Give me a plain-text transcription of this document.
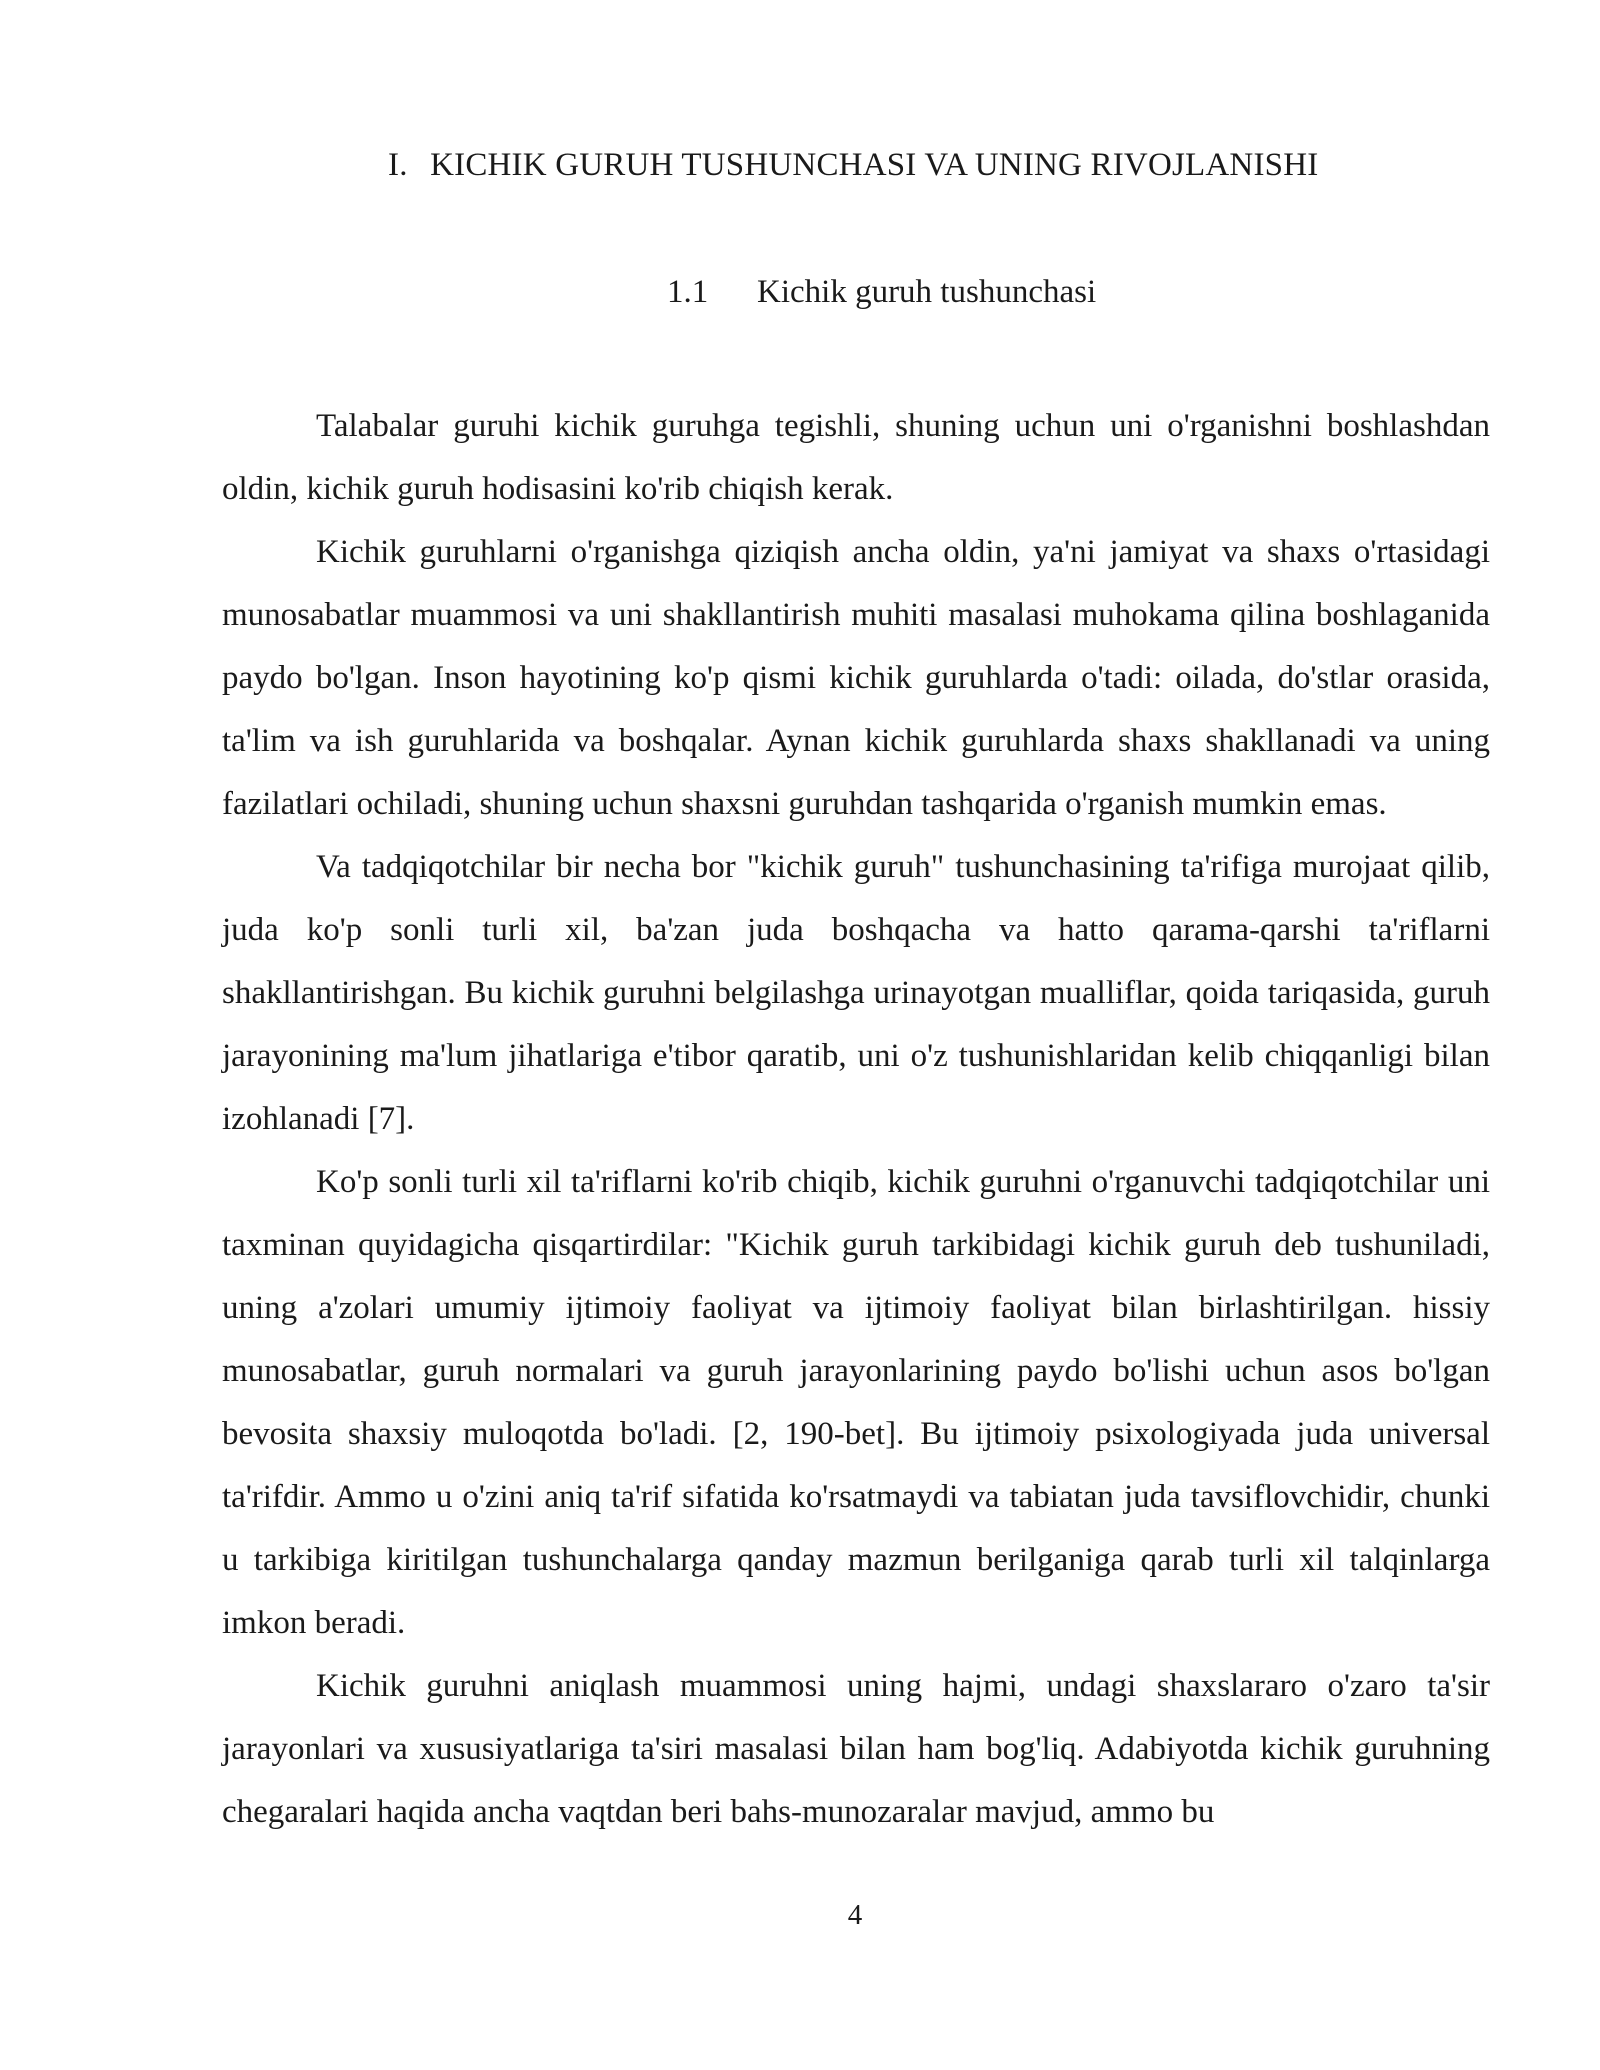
I. KICHIK GURUH TUSHUNCHASI VA UNING RIVOJLANISHI
1.1 Kichik guruh tushunchasi

Talabalar guruhi kichik guruhga tegishli, shuning uchun uni o'rganishni boshlashdan oldin, kichik guruh hodisasini ko'rib chiqish kerak.

Kichik guruhlarni o'rganishga qiziqish ancha oldin, ya'ni jamiyat va shaxs o'rtasidagi munosabatlar muammosi va uni shakllantirish muhiti masalasi muhokama qilina boshlaganida paydo bo'lgan. Inson hayotining ko'p qismi kichik guruhlarda o'tadi: oilada, do'stlar orasida, ta'lim va ish guruhlarida va boshqalar. Aynan kichik guruhlarda shaxs shakllanadi va uning fazilatlari ochiladi, shuning uchun shaxsni guruhdan tashqarida o'rganish mumkin emas.

Va tadqiqotchilar bir necha bor "kichik guruh" tushunchasining ta'rifiga murojaat qilib, juda ko'p sonli turli xil, ba'zan juda boshqacha va hatto qarama-qarshi ta'riflarni shakllantirishgan. Bu kichik guruhni belgilashga urinayotgan mualliflar, qoida tariqasida, guruh jarayonining ma'lum jihatlariga e'tibor qaratib, uni o'z tushunishlaridan kelib chiqqanligi bilan izohlanadi [7].

Ko'p sonli turli xil ta'riflarni ko'rib chiqib, kichik guruhni o'rganuvchi tadqiqotchilar uni taxminan quyidagicha qisqartirdilar: "Kichik guruh tarkibidagi kichik guruh deb tushuniladi, uning a'zolari umumiy ijtimoiy faoliyat va ijtimoiy faoliyat bilan birlashtirilgan. hissiy munosabatlar, guruh normalari va guruh jarayonlarining paydo bo'lishi uchun asos bo'lgan bevosita shaxsiy muloqotda bo'ladi. [2, 190-bet]. Bu ijtimoiy psixologiyada juda universal ta'rifdir. Ammo u o'zini aniq ta'rif sifatida ko'rsatmaydi va tabiatan juda tavsiflovchidir, chunki u tarkibiga kiritilgan tushunchalarga qanday mazmun berilganiga qarab turli xil talqinlarga imkon beradi.

Kichik guruhni aniqlash muammosi uning hajmi, undagi shaxslararo o'zaro ta'sir jarayonlari va xususiyatlariga ta'siri masalasi bilan ham bog'liq. Adabiyotda kichik guruhning chegaralari haqida ancha vaqtdan beri bahs-munozaralar mavjud, ammo bu

4
